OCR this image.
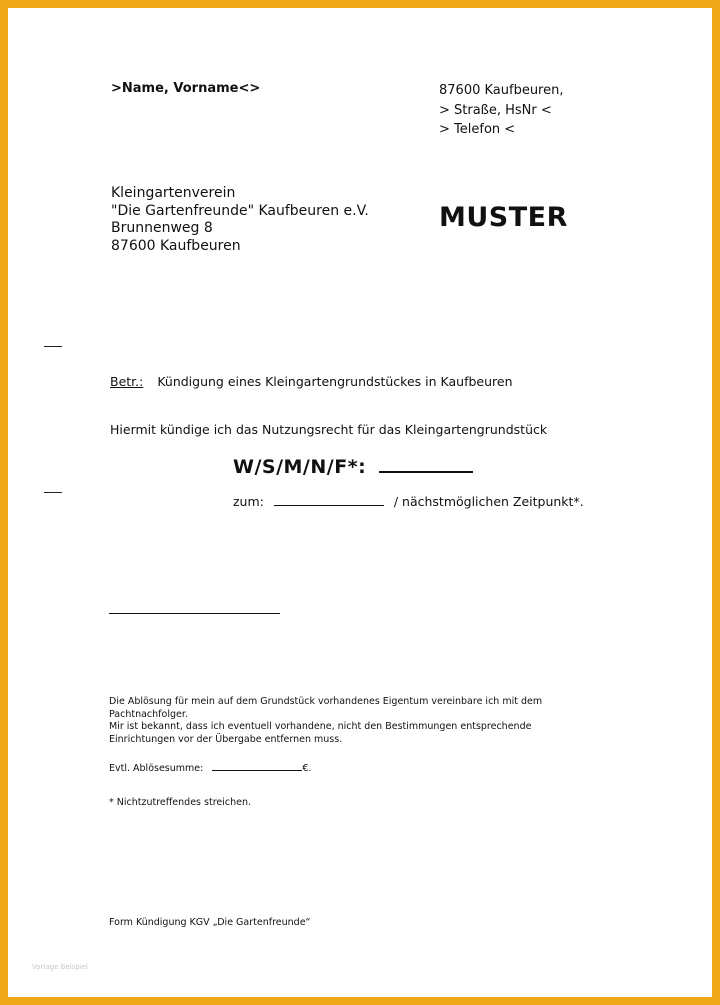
>Name, Vorname<>	87600 Kaufbeuren,
> Straße, HsNr <
> Telefon <
Kleingartenverein
"Die Gartenfreunde" Kaufbeuren e.V.
Brunnenweg 8
87600 Kaufbeuren
MUSTER
Betr.: Kündigung eines Kleingartengrundstückes in Kaufbeuren
Hiermit kündige ich das Nutzungsrecht für das Kleingartengrundstück
W/S/M/N/F*:
zum:	/ nächstmöglichen Zeitpunkt*.
Die Ablösung für mein auf dem Grundstück vorhandenes Eigentum vereinbare ich mit dem
Pachtnachfolger.
Mir ist bekannt, dass ich eventuell vorhandene, nicht den Bestimmungen entsprechende
Einrichtungen vor der Übergabe entfernen muss.
Evtl. Ablösesumme:	€.
* Nichtzutreffendes streichen.
Form Kündigung KGV „Die Gartenfreunde“
Vorlage Beispiel
